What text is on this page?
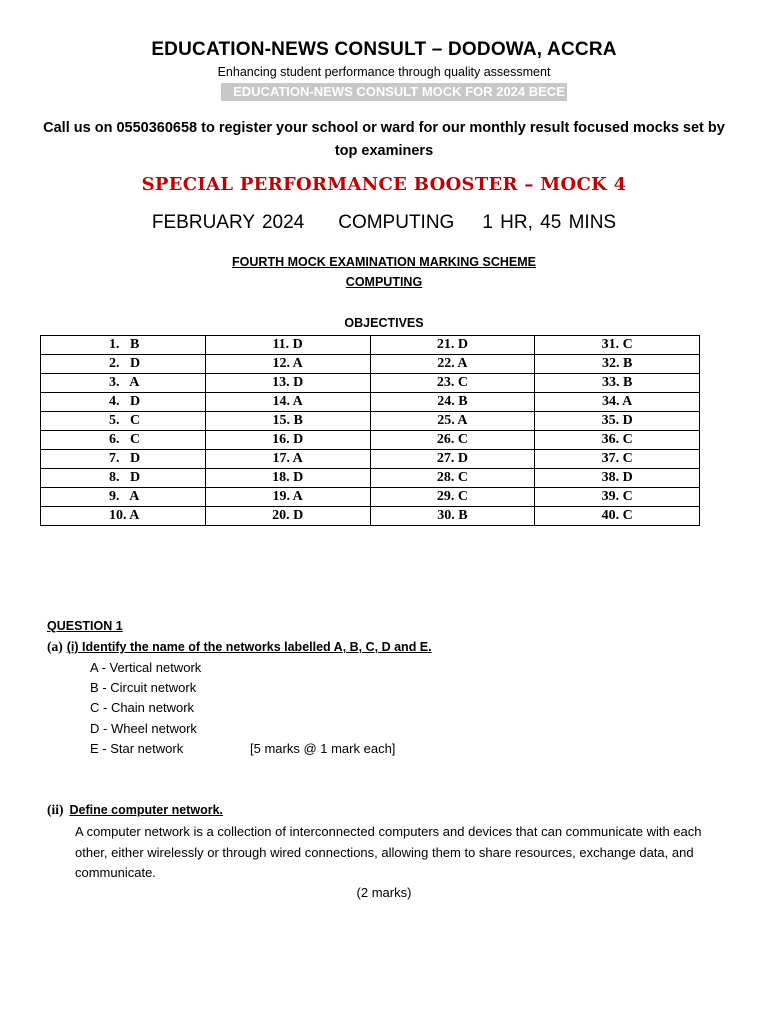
EDUCATION-NEWS CONSULT – DODOWA, ACCRA
Enhancing student performance through quality assessment
EDUCATION-NEWS CONSULT MOCK FOR 2024 BECE
Call us on 0550360658 to register your school or ward for our monthly result focused mocks set by top examiners
SPECIAL PERFORMANCE BOOSTER – MOCK 4
FEBRUARY 2024 COMPUTING 1 HR, 45 MINS
FOURTH MOCK EXAMINATION MARKING SCHEME
COMPUTING
OBJECTIVES
1.   B	11. D	21. D	31. C
2.   D	12. A	22. A	32. B
3.   A	13. D	23. C	33. B
4.   D	14. A	24. B	34. A
5.   C	15. B	25. A	35. D
6.   C	16. D	26. C	36. C
7.   D	17. A	27. D	37. C
8.   D	18. D	28. C	38. D
9.   A	19. A	29. C	39. C
10. A	20. D	30. B	40. C
QUESTION 1
(a) (i) Identify the name of the networks labelled A, B, C, D and E.
A - Vertical network
B - Circuit network
C - Chain network
D - Wheel network
E - Star network	[5 marks @ 1 mark each]
(ii) Define computer network.
A computer network is a collection of interconnected computers and devices that can communicate with each other, either wirelessly or through wired connections, allowing them to share resources, exchange data, and communicate.
(2 marks)
